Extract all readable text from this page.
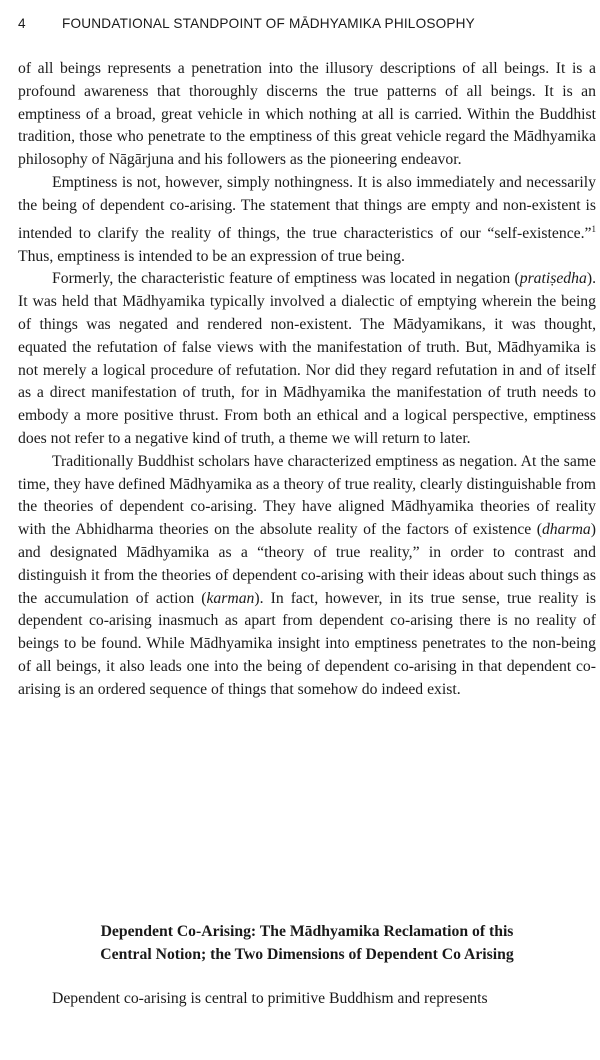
4	FOUNDATIONAL STANDPOINT OF MĀDHYAMIKA PHILOSOPHY

of all beings represents a penetration into the illusory descriptions of all beings. It is a profound awareness that thoroughly discerns the true patterns of all beings. It is an emptiness of a broad, great vehicle in which nothing at all is carried. Within the Buddhist tradition, those who penetrate to the emptiness of this great vehicle regard the Mādhyamika philosophy of Nāgārjuna and his followers as the pioneering endeavor.

Emptiness is not, however, simply nothingness. It is also immediately and necessarily the being of dependent co-arising. The statement that things are empty and non-existent is intended to clarify the reality of things, the true characteristics of our “self-existence.”$^1$ Thus, emptiness is intended to be an expression of true being.

Formerly, the characteristic feature of emptiness was located in negation (pratiṣedha). It was held that Mādhyamika typically involved a dialectic of emptying wherein the being of things was negated and rendered non-existent. The Mādyamikans, it was thought, equated the refutation of false views with the manifestation of truth. But, Mādhyamika is not merely a logical procedure of refutation. Nor did they regard refutation in and of itself as a direct manifestation of truth, for in Mādhyamika the manifestation of truth needs to embody a more positive thrust. From both an ethical and a logical perspective, emptiness does not refer to a negative kind of truth, a theme we will return to later.

Traditionally Buddhist scholars have characterized emptiness as negation. At the same time, they have defined Mādhyamika as a theory of true reality, clearly distinguishable from the theories of dependent co-arising. They have aligned Mādhyamika theories of reality with the Abhidharma theories on the absolute reality of the factors of existence (dharma) and designated Mādhyamika as a “theory of true reality,” in order to contrast and distinguish it from the theories of dependent co-arising with their ideas about such things as the accumulation of action (karman). In fact, however, in its true sense, true reality is dependent co-arising inasmuch as apart from dependent co-arising there is no reality of beings to be found. While Mādhyamika insight into emptiness penetrates to the non-being of all beings, it also leads one into the being of dependent co-arising in that dependent co-arising is an ordered sequence of things that somehow do indeed exist.

Dependent Co-Arising: The Mādhyamika Reclamation of this
Central Notion; the Two Dimensions of Dependent Co Arising

Dependent co-arising is central to primitive Buddhism and represents
